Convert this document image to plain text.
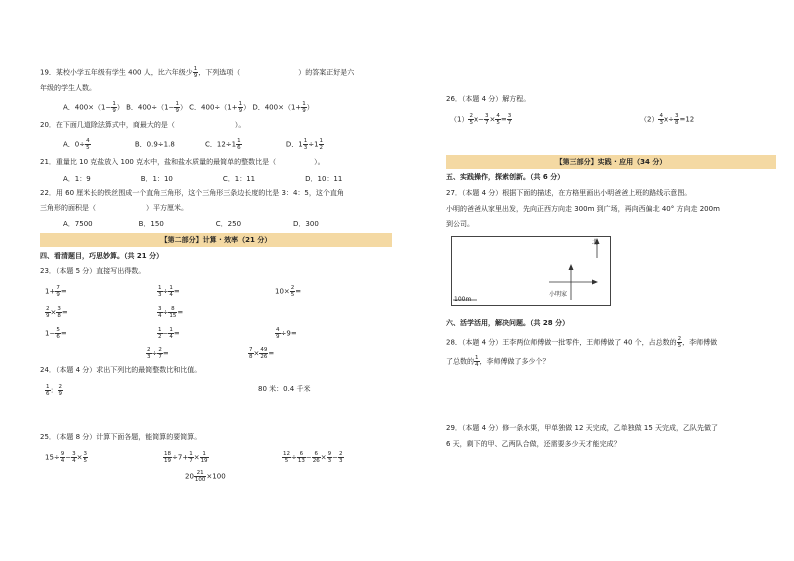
19．某校小学五年级有学生 400 人，比六年级少 $\frac{1}{9}$ ，下列选项（	）的答案正好是六
年级的学生人数。
A．$400\times(1- \frac{1}{9}$ ） B．$400\div(1- \frac{1}{9}$ ） C．$400\div(1+ \frac{1}{9}$ ） D．$400\times(1+ \frac{1}{9}$ ）
20．在下面几道除法算式中，商最大的是（	）。
A．$0\div \frac{4}{5}$	B．0.9÷1.8	C．$12\div 1 \frac{1}{6}$	D．$1 \frac{1}{3} \div 1 \frac{1}{2}$
21．重量比 10 克盐放入 100 克水中，盐和盐水质量的最简单的整数比是（	）。
A．1：9	B．1：10	C．1：11	D．10：11
22．用 60 厘米长的铁丝围成一个直角三角形，这个三角形三条边长度的比是 3：4：5，这个直角
三角形的面积是（	）平方厘米。
A．7500	B．150	C．250	D．300
【第二部分】计算 · 效率（21 分）
四、看清题目，巧思妙算。（共 21 分）
23．（本题 5 分）直接写出得数。
$1+ \frac{7}{9}$ =	$\frac{1}{3} \div \frac{1}{4}$ =	$10\times \frac{2}{5}$ =
$\frac{2}{9} \times \frac{3}{8}$ =	$\frac{3}{4} \div \frac{8}{15}$ =
$1- \frac{5}{6}$ =	$\frac{1}{2} - \frac{1}{4}$ =	$\frac{4}{9} \div 9=$
$\frac{2}{3} \div \frac{2}{7}$ =	$\frac{7}{8} \times \frac{49}{26}$ =
24．（本题 4 分）求出下列比的最简整数比和比值。
$\frac{1}{6}$ ： $\frac{2}{9}$	80 米：0.4 千米
25．（本题 8 分）计算下面各题，能简算的要简算。
$15\div \frac{9}{4} - \frac{3}{4} \times \frac{3}{5}$	$\frac{18}{19} \div 7+ \frac{1}{7} \times \frac{1}{19}$	$\frac{12}{5} \div \frac{6}{13} - \frac{6}{26} \times \frac{9}{3} - \frac{2}{3}$
$20 \frac{21}{100} \times 100$
26．（本题 4 分）解方程。
$(1) \frac{2}{5} x- \frac{3}{7} \times \frac{4}{5} = \frac{3}{7}$	$(2) \frac{4}{3} x\div \frac{3}{8} =12$
【第三部分】实践 · 应用（34 分）
五、实践操作，探索创新。（共 6 分）
27．（本题 4 分）根据下面的描述，在方格里画出小明爸爸上班的路线示意图。
小明的爸爸从家里出发，先向正西方向走 300m 到广场，再向西偏北 40° 方向走 200m
到公司。
北
小明家
100m
六、活学活用，解决问题。（共 28 分）
28．（本题 4 分）王李两位师傅做一批零件，王师傅做了 40 个，占总数的 $\frac{2}{5}$ ，李师傅做
了总数的 $\frac{1}{4}$ ，李师傅做了多少个？
29．（本题 4 分）修一条水渠，甲单独做 12 天完成，乙单独做 15 天完成，乙队先做了
6 天，剩下的甲、乙两队合做，还需要多少天才能完成？
